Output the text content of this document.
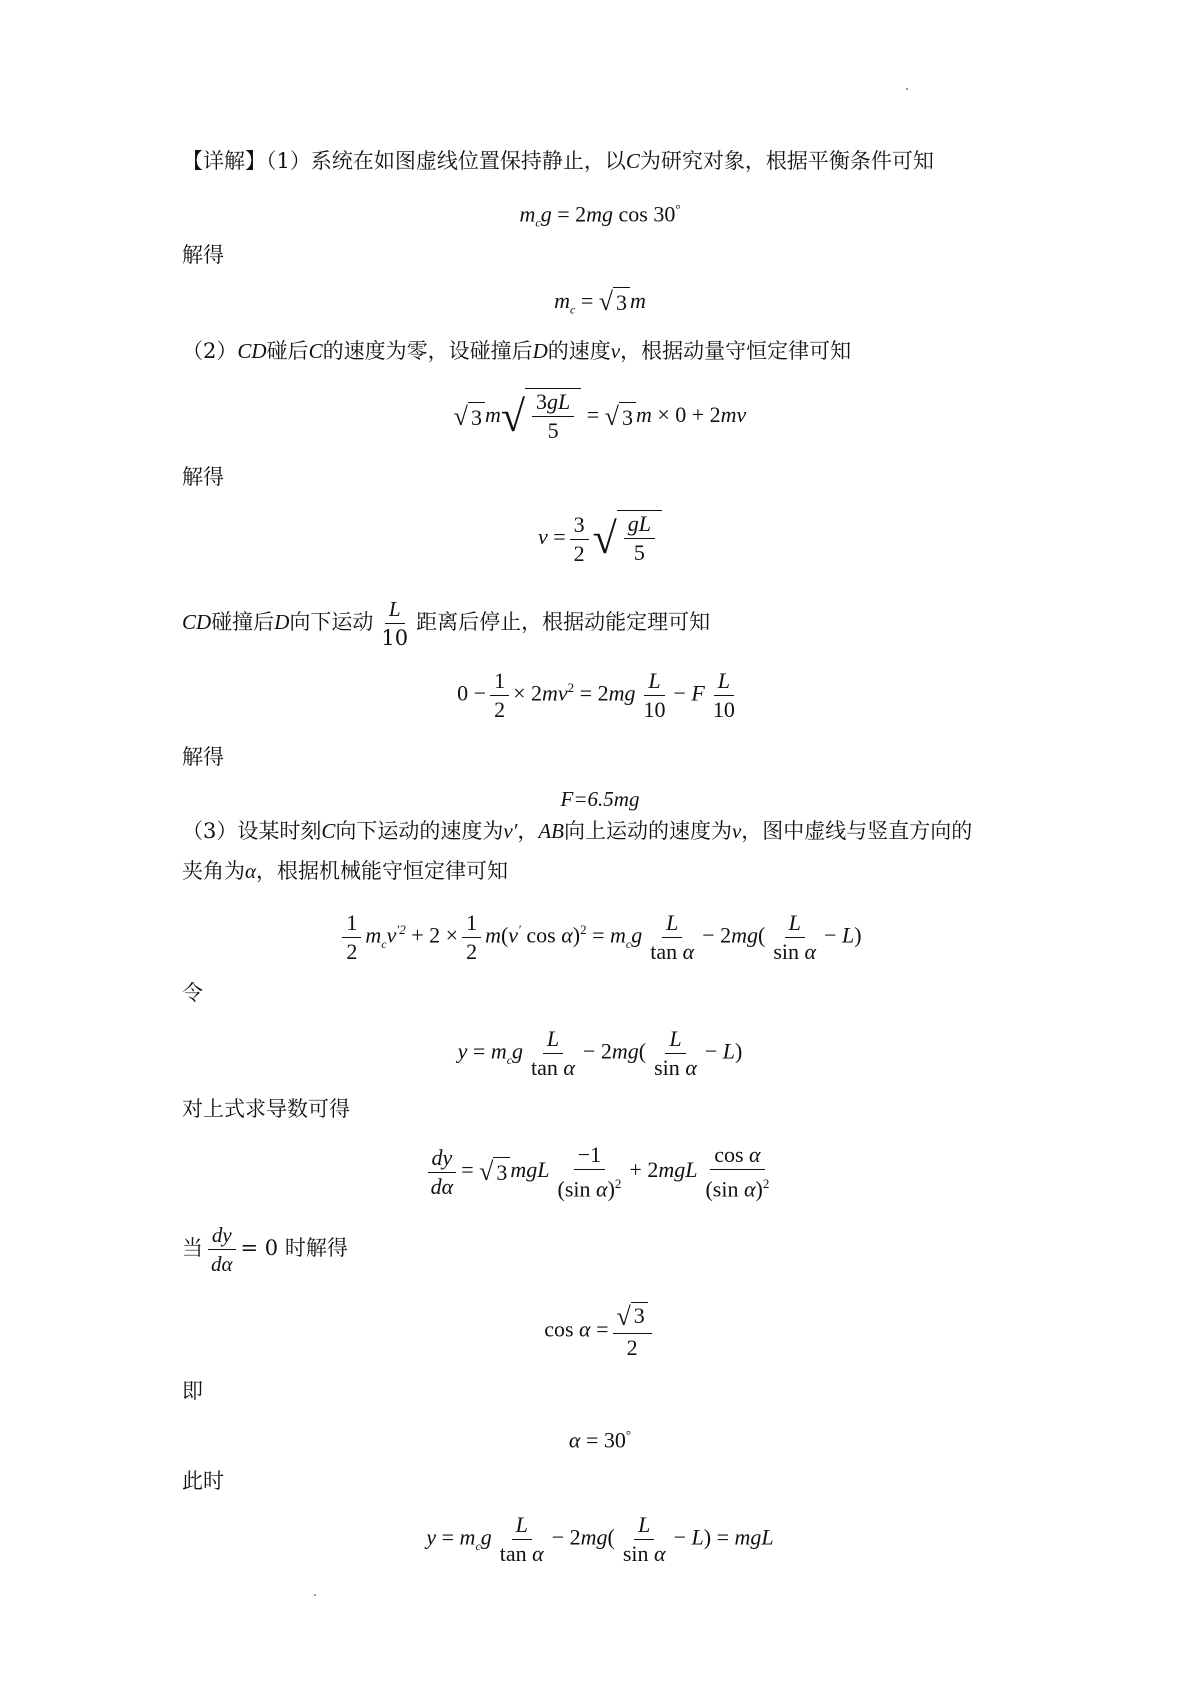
【详解】（1）系统在如图虚线位置保持静止，以C为研究对象，根据平衡条件可知
$m_cg = 2mg$ cos 30°
解得
$m_c$ = √ 3 m
（2）CD碰后C的速度为零，设碰撞后D的速度v，根据动量守恒定律可知
√ 3 m √ $\frac{3gL}{5}$ = √ 3 m × 0 + 2mv
解得
$v = \frac{3}{2}$ √ $\frac{gL}{5}$
CD碰撞后D向下运动 $\frac{L}{10}$ 距离后停止，根据动能定理可知
$0 - \frac{1}{2} \times 2mv^2 = 2mg \frac{L}{10} - F \frac{L}{10}$
解得
F=6.5mg
（3）设某时刻C向下运动的速度为v′，AB向上运动的速度为v，图中虚线与竖直方向的
夹角为α，根据机械能守恒定律可知
$\frac{1}{2} m_cv^{'2} + 2 \times \frac{1}{2} m(v'$ $\cos \alpha)^2 = m_cg \frac{L}{\text{tan α}} - 2mg( \frac{L}{\text{sin α}} - L)$
令
$y = m_cg \frac{L}{\text{tan α}} - 2mg( \frac{L}{\text{sin α}} - L)$
对上式求导数可得
$\frac{dy}{d\alpha}$ = √ 3 mgL $\frac{-1}{(\sin \alpha)^2} + 2mgL \frac{\text{cos α}}{(\sin \alpha)^2}$
当 $\frac{dy}{d\alpha} = 0$ 时解得
$\cos \alpha = \frac{√ 3}{2}$
即
α = 30°
此时
$y = m_cg \frac{L}{\text{tan α}} - 2mg( \frac{L}{\text{sin α}} - L)$ = mgL
